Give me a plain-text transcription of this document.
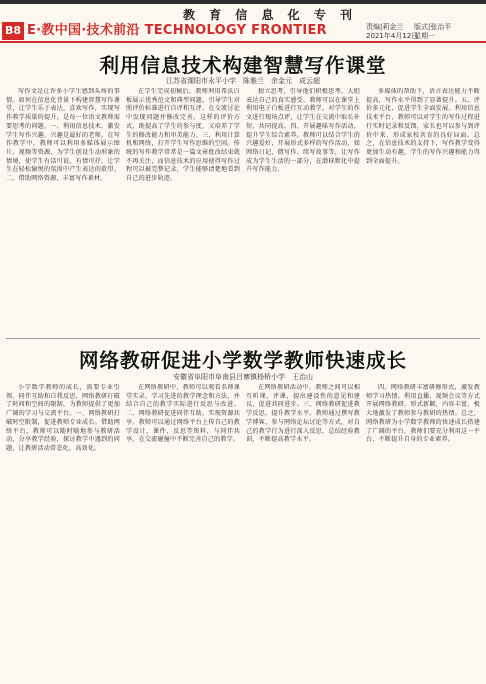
教 育 信 息 化 专 刊
B8 E·教中国·技术前沿 TECHNOLOGY FRONTIER	责编|莉金兰
2021年4月12日
版式|张治平
星期一
利用信息技术构建智慧写作课堂
江苏省溧阳市永平小学　陈雅兰　余金元　成云超
写作文是让许多小学生感到头疼的事情。如何在信息化背景下构建智慧写作课堂，让学生乐于表达，喜欢写作，实现写作教学质量的提升，是每一位语文教师需要思考的问题。一、利用信息技术，激发学生写作兴趣。兴趣是最好的老师。在写作教学中，教师可以利用多媒体展示图片、视频等资源，为学生创设生动形象的情境，使学生有话可说，有情可抒，让学生在轻松愉悦的氛围中产生表达的欲望。二、借助网络资源，丰富写作素材。
在学生完成初稿后，教师利用希沃白板展示优秀范文和典型问题，引导学生对照评价标准进行自评和互评，在交流讨论中发现问题并修改完善。这样的评价方式，既提高了学生的参与度，又培养了学生的修改能力和审美能力。三、利用计算机和网络，打开学生写作思维的空间。传统的写作教学常常是一篇文章批改结束就不再关注，而信息技术的应用使得写作过程可以被完整记录，学生能够清楚地看到自己的进步轨迹。
独立思考，引导他们积极思考，大胆表达自己的真实感受。教师可以在课堂上利用电子白板进行互动教学，对学生的作文进行现场点评，让学生在交流中取长补短，共同提高。四、开展趣味写作活动，提升学生综合素养。教师可以结合学生的兴趣爱好，开展形式多样的写作活动，如网络日记、微写作、续写故事等，让写作成为学生生活的一部分，在潜移默化中提升写作能力。
多媒体的帮助下，语言表达能力不断提高，写作水平得到了显著提升。五、评价多元化，促进学生全面发展。利用信息技术平台，教师可以对学生的写作过程进行实时记录和反馈，家长也可以参与到评价中来，形成家校共育的良好局面。总之，在信息技术的支持下，写作教学变得更加生动有趣，学生的写作兴趣和能力得到全面提升。
网络教研促进小学数学教师快速成长
安徽省阜阳市阜南县吕寨镇杨桥小学　王治山
小学数学教师的成长，需要专业引领、同伴互助和自我反思。网络教研打破了时间和空间的限制，为教师提供了更加广阔的学习与交流平台。一、网络教研打破时空限制，促进教师专业成长。借助网络平台，教师可以随时随地参与教研活动，分享教学经验，探讨教学中遇到的问题，让教研活动常态化、高效化。
在网络教研中，教师可以观看名师课堂实录，学习先进的教学理念和方法，并结合自己的教学实际进行反思与改进。二、网络教研促进同伴互助，实现资源共享。教师可以通过网络平台上传自己的教学设计、课件、反思等资料，与同伴共享，在交流碰撞中不断完善自己的教学。
在网络教研活动中，教师之间可以相互听课、评课，提出建设性的意见和建议，促进共同进步。三、网络教研促进教学反思，提升教学水平。教师通过撰写教学博客、参与网络论坛讨论等方式，对自己的教学行为进行深入反思，总结经验教训，不断提高教学水平。
四、网络教研丰富研修形式，激发教师学习热情。利用直播、视频会议等方式开展网络教研，形式新颖，内容丰富，极大地激发了教师参与教研的热情。总之，网络教研为小学数学教师的快速成长搭建了广阔的平台，教师们要充分利用这一平台，不断提升自身的专业素养。
